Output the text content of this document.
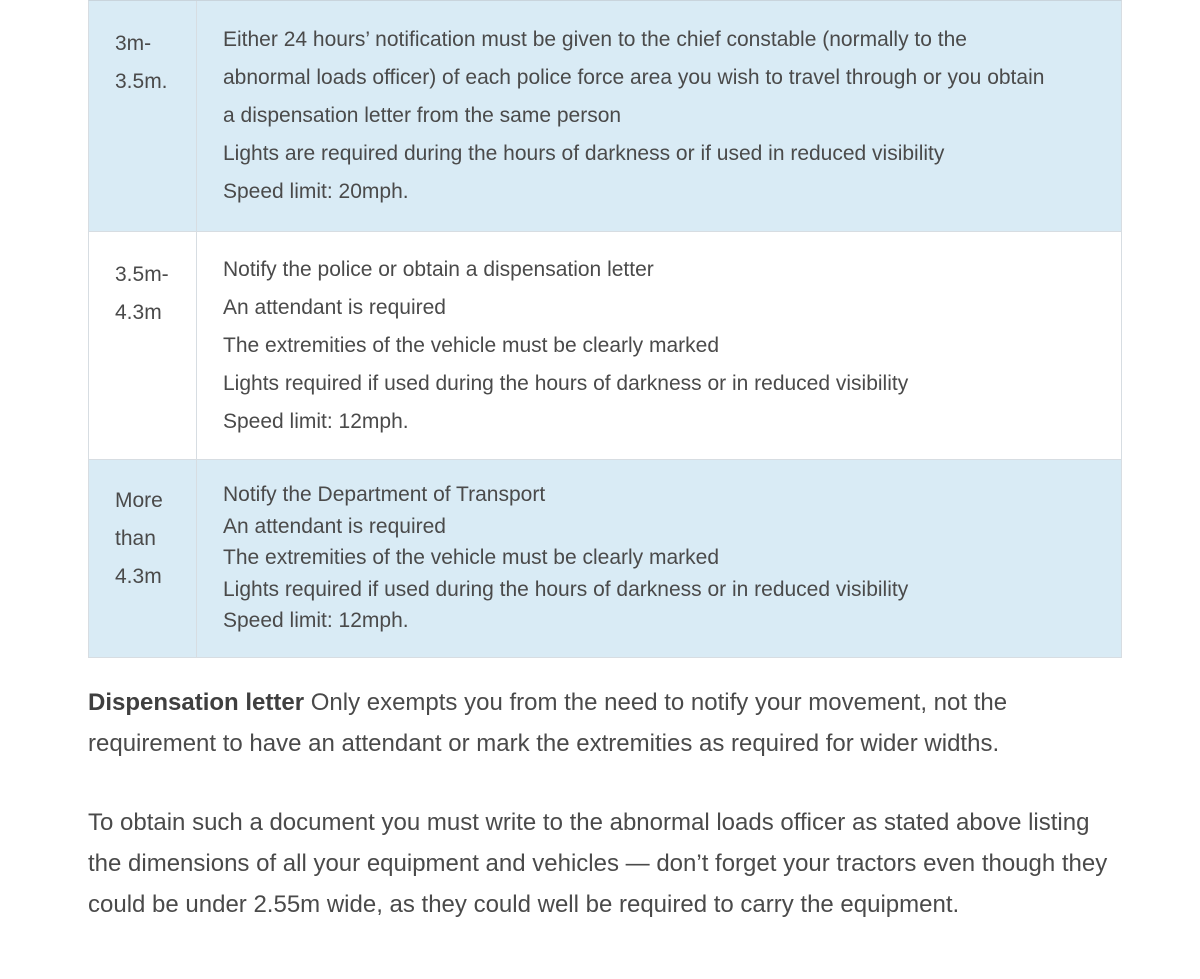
3m-
3.5m.
Either 24 hours’ notification must be given to the chief constable (normally to the
abnormal loads officer) of each police force area you wish to travel through or you obtain
a dispensation letter from the same person
Lights are required during the hours of darkness or if used in reduced visibility
Speed limit: 20mph.
3.5m-
4.3m
Notify the police or obtain a dispensation letter
An attendant is required
The extremities of the vehicle must be clearly marked
Lights required if used during the hours of darkness or in reduced visibility
Speed limit: 12mph.
More
than
4.3m
Notify the Department of Transport
An attendant is required
The extremities of the vehicle must be clearly marked
Lights required if used during the hours of darkness or in reduced visibility
Speed limit: 12mph.

Dispensation letter Only exempts you from the need to notify your movement, not the requirement to have an attendant or mark the extremities as required for wider widths.

To obtain such a document you must write to the abnormal loads officer as stated above listing the dimensions of all your equipment and vehicles — don’t forget your tractors even though they could be under 2.55m wide, as they could well be required to carry the equipment.
